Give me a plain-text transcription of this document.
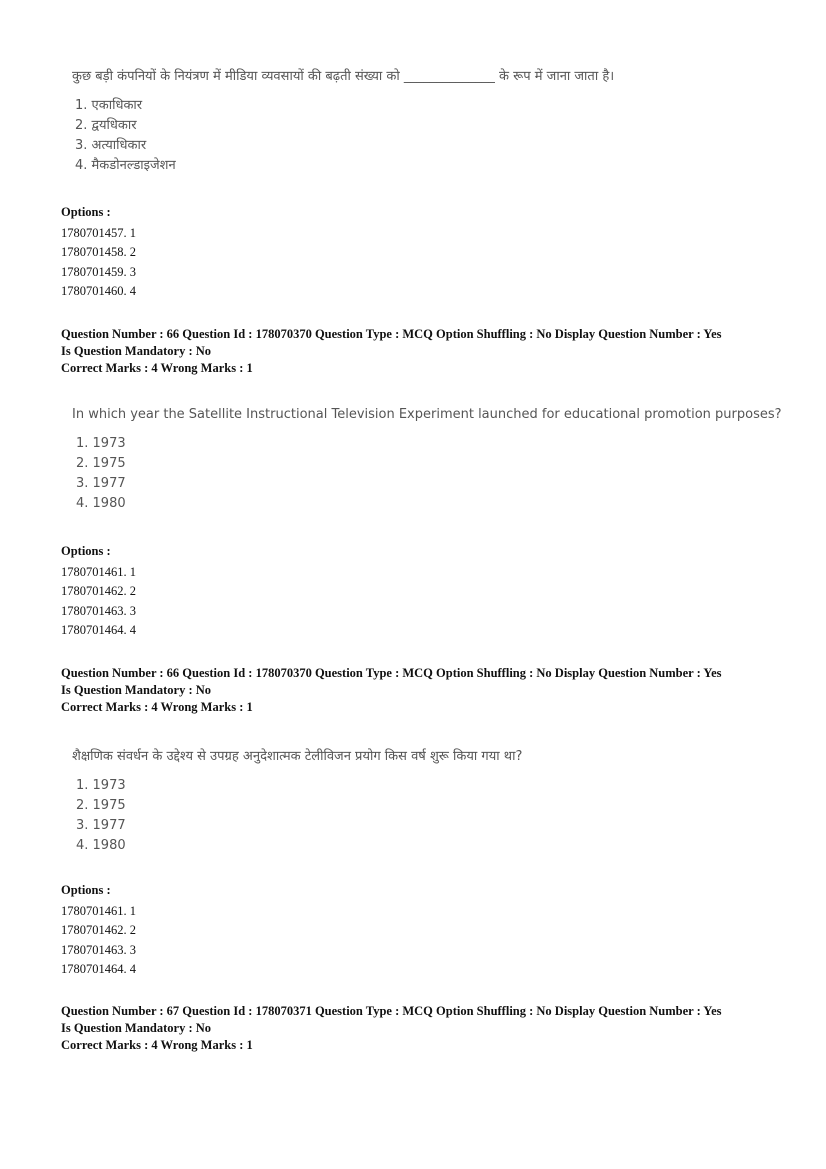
कुछ बड़ी कंपनियों के नियंत्रण में मीडिया व्यवसायों की बढ़ती संख्या को ______________ के रूप में जाना जाता है।
1. एकाधिकार
2. द्वयधिकार
3. अत्याधिकार
4. मैकडोनल्डाइजेशन
Options :
1780701457. 1
1780701458. 2
1780701459. 3
1780701460. 4
Question Number : 66 Question Id : 178070370 Question Type : MCQ Option Shuffling : No Display Question Number : Yes
Is Question Mandatory : No
Correct Marks : 4 Wrong Marks : 1
In which year the Satellite Instructional Television Experiment launched for educational promotion purposes?
1. 1973
2. 1975
3. 1977
4. 1980
Options :
1780701461. 1
1780701462. 2
1780701463. 3
1780701464. 4
Question Number : 66 Question Id : 178070370 Question Type : MCQ Option Shuffling : No Display Question Number : Yes
Is Question Mandatory : No
Correct Marks : 4 Wrong Marks : 1
शैक्षणिक संवर्धन के उद्देश्य से उपग्रह अनुदेशात्मक टेलीविजन प्रयोग किस वर्ष शुरू किया गया था?
1. 1973
2. 1975
3. 1977
4. 1980
Options :
1780701461. 1
1780701462. 2
1780701463. 3
1780701464. 4
Question Number : 67 Question Id : 178070371 Question Type : MCQ Option Shuffling : No Display Question Number : Yes
Is Question Mandatory : No
Correct Marks : 4 Wrong Marks : 1
